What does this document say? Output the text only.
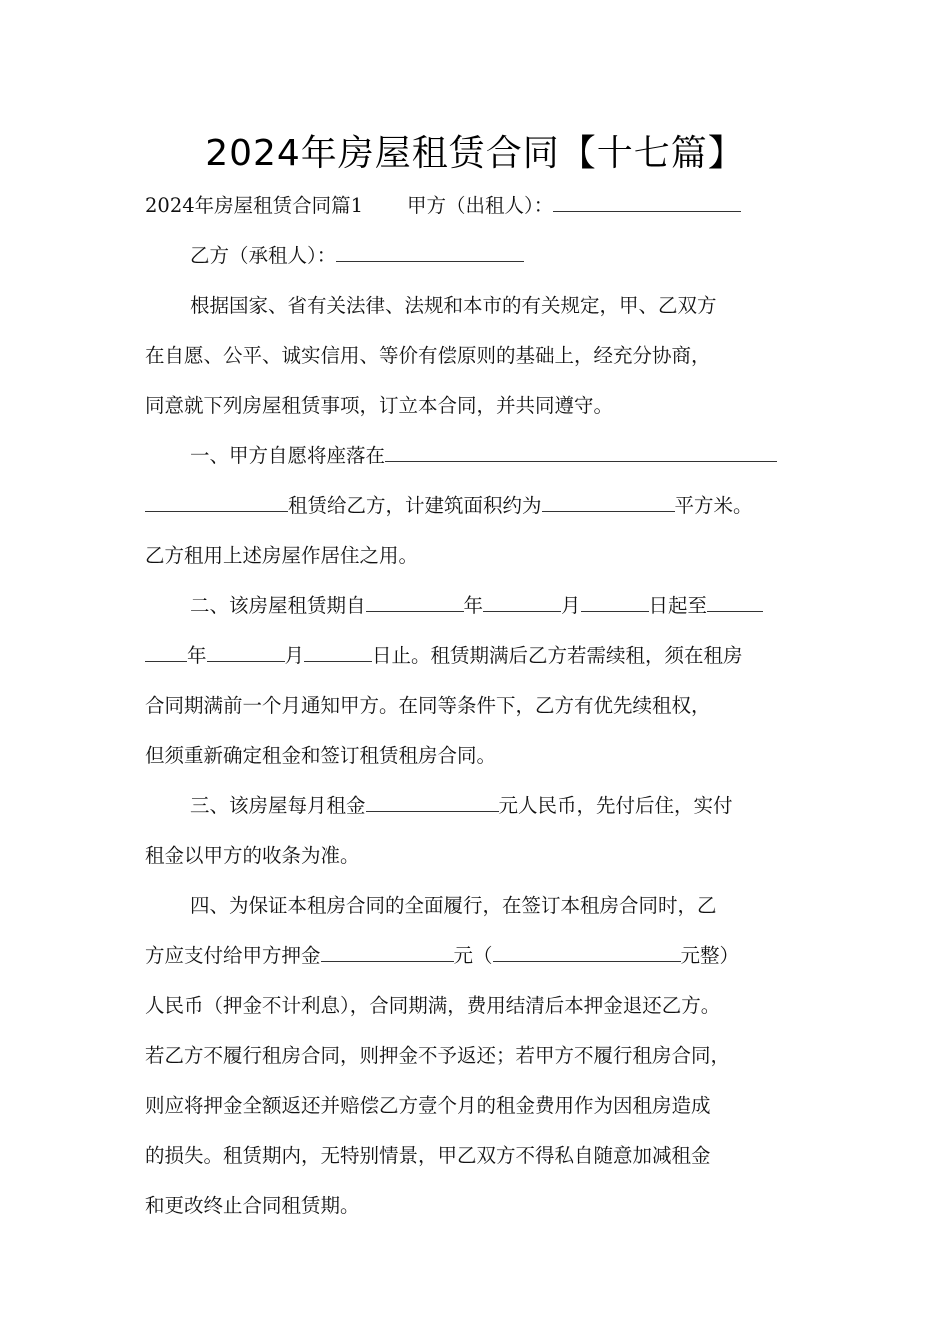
2024年房屋租赁合同【十七篇】
2024年房屋租赁合同篇1 甲方（出租人）：
乙方（承租人）：
根据国家、省有关法律、法规和本市的有关规定，甲、乙双方
在自愿、公平、诚实信用、等价有偿原则的基础上，经充分协商，
同意就下列房屋租赁事项，订立本合同，并共同遵守。
一、甲方自愿将座落在
租赁给乙方，计建筑面积约为	平方米。
乙方租用上述房屋作居住之用。
二、该房屋租赁期自	年	月	日起至
年	月	日止。租赁期满后乙方若需续租，须在租房
合同期满前一个月通知甲方。在同等条件下，乙方有优先续租权，
但须重新确定租金和签订租赁租房合同。
三、该房屋每月租金	元人民币，先付后住，实付
租金以甲方的收条为准。
四、为保证本租房合同的全面履行，在签订本租房合同时，乙
方应支付给甲方押金	元（	元整）
人民币（押金不计利息），合同期满，费用结清后本押金退还乙方。
若乙方不履行租房合同，则押金不予返还；若甲方不履行租房合同，
则应将押金全额返还并赔偿乙方壹个月的租金费用作为因租房造成
的损失。租赁期内，无特别情景，甲乙双方不得私自随意加减租金
和更改终止合同租赁期。
